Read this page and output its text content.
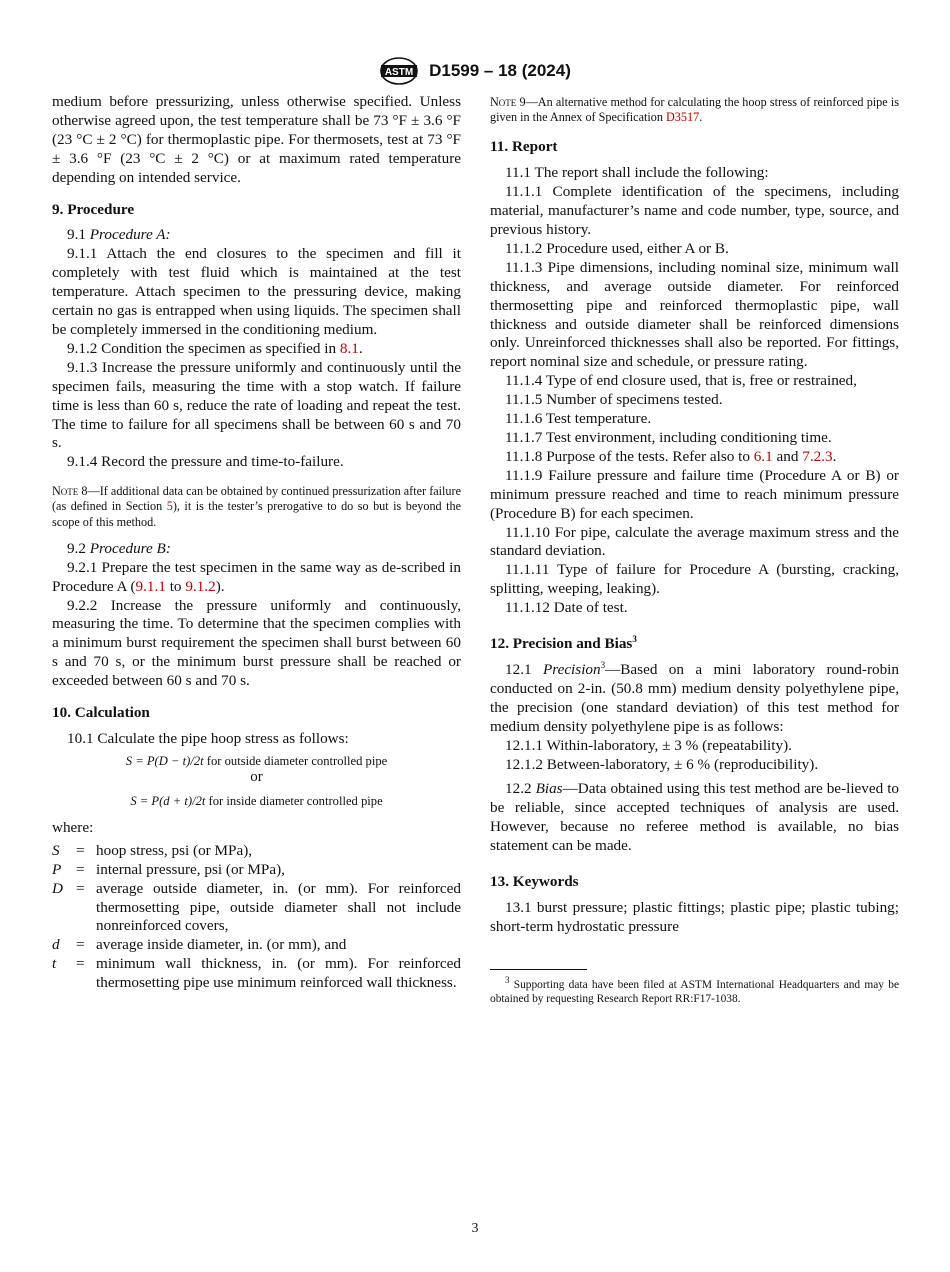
ASTM D1599 – 18 (2024)

medium before pressurizing, unless otherwise specified. Unless otherwise agreed upon, the test temperature shall be 73 °F ± 3.6 °F (23 °C ± 2 °C) for thermoplastic pipe. For thermosets, test at 73 °F ± 3.6 °F (23 °C ± 2 °C) or at maximum rated temperature depending on intended service.

9. Procedure

9.1 Procedure A:

9.1.1 Attach the end closures to the specimen and fill it completely with test fluid which is maintained at the test temperature. Attach specimen to the pressuring device, making certain no gas is entrapped when using liquids. The specimen shall be completely immersed in the conditioning medium.

9.1.2 Condition the specimen as specified in 8.1.

9.1.3 Increase the pressure uniformly and continuously until the specimen fails, measuring the time with a stop watch. If failure time is less than 60 s, reduce the rate of loading and repeat the test. The time to failure for all specimens shall be between 60 s and 70 s.

9.1.4 Record the pressure and time-to-failure.

Note 8—If additional data can be obtained by continued pressurization after failure (as defined in Section 5), it is the tester’s prerogative to do so but is beyond the scope of this method.

9.2 Procedure B:

9.2.1 Prepare the test specimen in the same way as de-scribed in Procedure A (9.1.1 to 9.1.2).

9.2.2 Increase the pressure uniformly and continuously, measuring the time. To determine that the specimen complies with a minimum burst requirement the specimen shall burst between 60 s and 70 s, or the minimum burst pressure shall be reached or exceeded between 60 s and 70 s.

10. Calculation

10.1 Calculate the pipe hoop stress as follows:

S = P(D − t)/2t for outside diameter controlled pipe

or

S = P(d + t)/2t for inside diameter controlled pipe

where:

S	=	hoop stress, psi (or MPa),
P	=	internal pressure, psi (or MPa),
D	=	average outside diameter, in. (or mm). For reinforced thermosetting pipe, outside diameter shall not include nonreinforced covers,
d	=	average inside diameter, in. (or mm), and
t	=	minimum wall thickness, in. (or mm). For reinforced thermosetting pipe use minimum reinforced wall thickness.

Note 9—An alternative method for calculating the hoop stress of reinforced pipe is given in the Annex of Specification D3517.

11. Report

11.1 The report shall include the following:

11.1.1 Complete identification of the specimens, including material, manufacturer’s name and code number, type, source, and previous history.

11.1.2 Procedure used, either A or B.

11.1.3 Pipe dimensions, including nominal size, minimum wall thickness, and average outside diameter. For reinforced thermosetting pipe and reinforced thermoplastic pipe, wall thickness and outside diameter shall be reinforced dimensions only. Unreinforced thicknesses shall also be reported. For fittings, report nominal size and schedule, or pressure rating.

11.1.4 Type of end closure used, that is, free or restrained,

11.1.5 Number of specimens tested.

11.1.6 Test temperature.

11.1.7 Test environment, including conditioning time.

11.1.8 Purpose of the tests. Refer also to 6.1 and 7.2.3.

11.1.9 Failure pressure and failure time (Procedure A or B) or minimum pressure reached and time to reach minimum pressure (Procedure B) for each specimen.

11.1.10 For pipe, calculate the average maximum stress and the standard deviation.

11.1.11 Type of failure for Procedure A (bursting, cracking, splitting, weeping, leaking).

11.1.12 Date of test.

12. Precision and Bias$^3$

12.1 Precision$^3$—Based on a mini laboratory round-robin conducted on 2-in. (50.8 mm) medium density polyethylene pipe, the precision (one standard deviation) of this test method for medium density polyethylene pipe is as follows:

12.1.1 Within-laboratory, ± 3 % (repeatability).

12.1.2 Between-laboratory, ± 6 % (reproducibility).

12.2 Bias—Data obtained using this test method are be-lieved to be reliable, since accepted techniques of analysis are used. However, because no referee method is available, no bias statement can be made.

13. Keywords

13.1 burst pressure; plastic fittings; plastic pipe; plastic tubing; short-term hydrostatic pressure

$^3$ Supporting data have been filed at ASTM International Headquarters and may be obtained by requesting Research Report RR:F17-1038.

3
